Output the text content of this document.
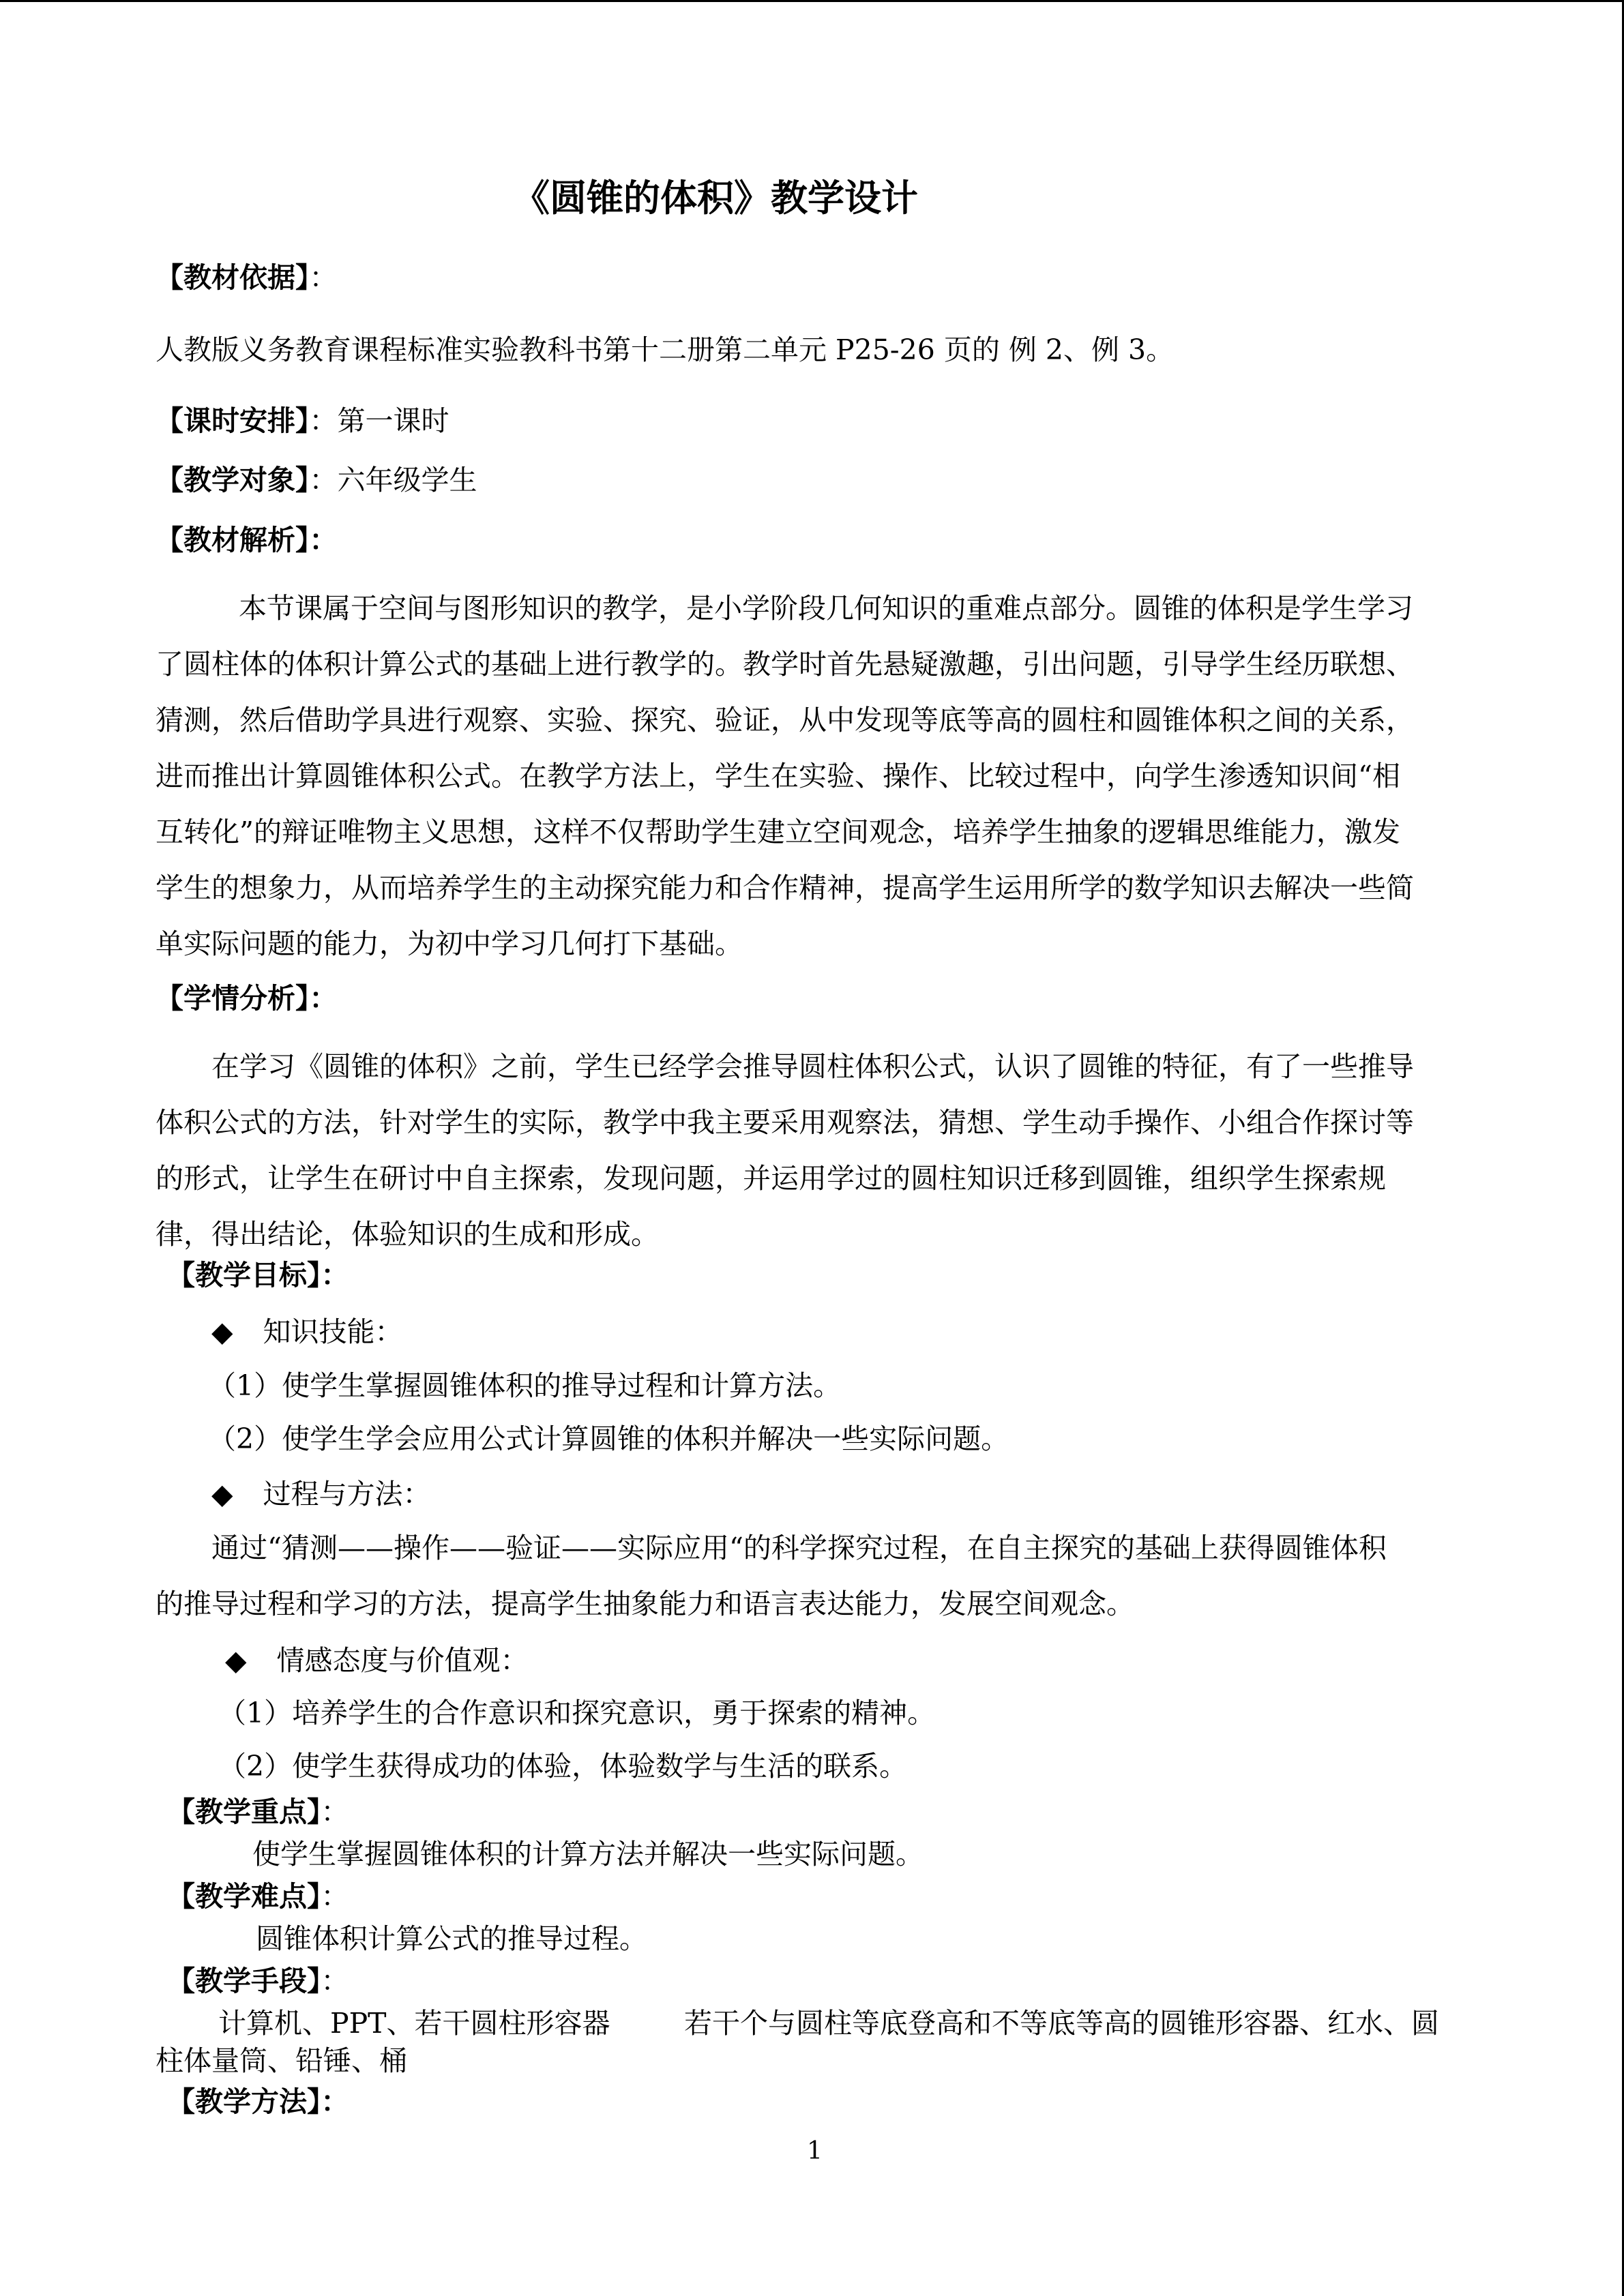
《圆锥的体积》教学设计
【教材依据】：
人教版义务教育课程标准实验教科书第十二册第二单元 P25-26 页的 例 2、例 3。
【课时安排】：第一课时
【教学对象】：六年级学生
【教材解析】：

本节课属于空间与图形知识的教学，是小学阶段几何知识的重难点部分。圆锥的体积是学生学习

了圆柱体的体积计算公式的基础上进行教学的。教学时首先悬疑激趣，引出问题，引导学生经历联想、

猜测，然后借助学具进行观察、实验、探究、验证，从中发现等底等高的圆柱和圆锥体积之间的关系，

进而推出计算圆锥体积公式。在教学方法上，学生在实验、操作、比较过程中，向学生渗透知识间“相

互转化”的辩证唯物主义思想，这样不仅帮助学生建立空间观念，培养学生抽象的逻辑思维能力，激发

学生的想象力，从而培养学生的主动探究能力和合作精神，提高学生运用所学的数学知识去解决一些简

单实际问题的能力，为初中学习几何打下基础。

【学情分析】：

在学习《圆锥的体积》之前，学生已经学会推导圆柱体积公式，认识了圆锥的特征，有了一些推导

体积公式的方法，针对学生的实际，教学中我主要采用观察法，猜想、学生动手操作、小组合作探讨等

的形式，让学生在研讨中自主探索，发现问题，并运用学过的圆柱知识迁移到圆锥，组织学生探索规

律，得出结论，体验知识的生成和形成。

【教学目标】：
◆ 知识技能：
（1）使学生掌握圆锥体积的推导过程和计算方法。
（2）使学生学会应用公式计算圆锥的体积并解决一些实际问题。
◆ 过程与方法：

通过“猜测——操作——验证——实际应用“的科学探究过程，在自主探究的基础上获得圆锥体积

的推导过程和学习的方法，提高学生抽象能力和语言表达能力，发展空间观念。

◆ 情感态度与价值观：
（1）培养学生的合作意识和探究意识，勇于探索的精神。
（2）使学生获得成功的体验，体验数学与生活的联系。
【教学重点】：
使学生掌握圆锥体积的计算方法并解决一些实际问题。
【教学难点】：
圆锥体积计算公式的推导过程。
【教学手段】：
计算机、PPT、若干圆柱形容器	若干个与圆柱等底登高和不等底等高的圆锥形容器、红水、圆
柱体量筒、铅锤、桶
【教学方法】：
1
